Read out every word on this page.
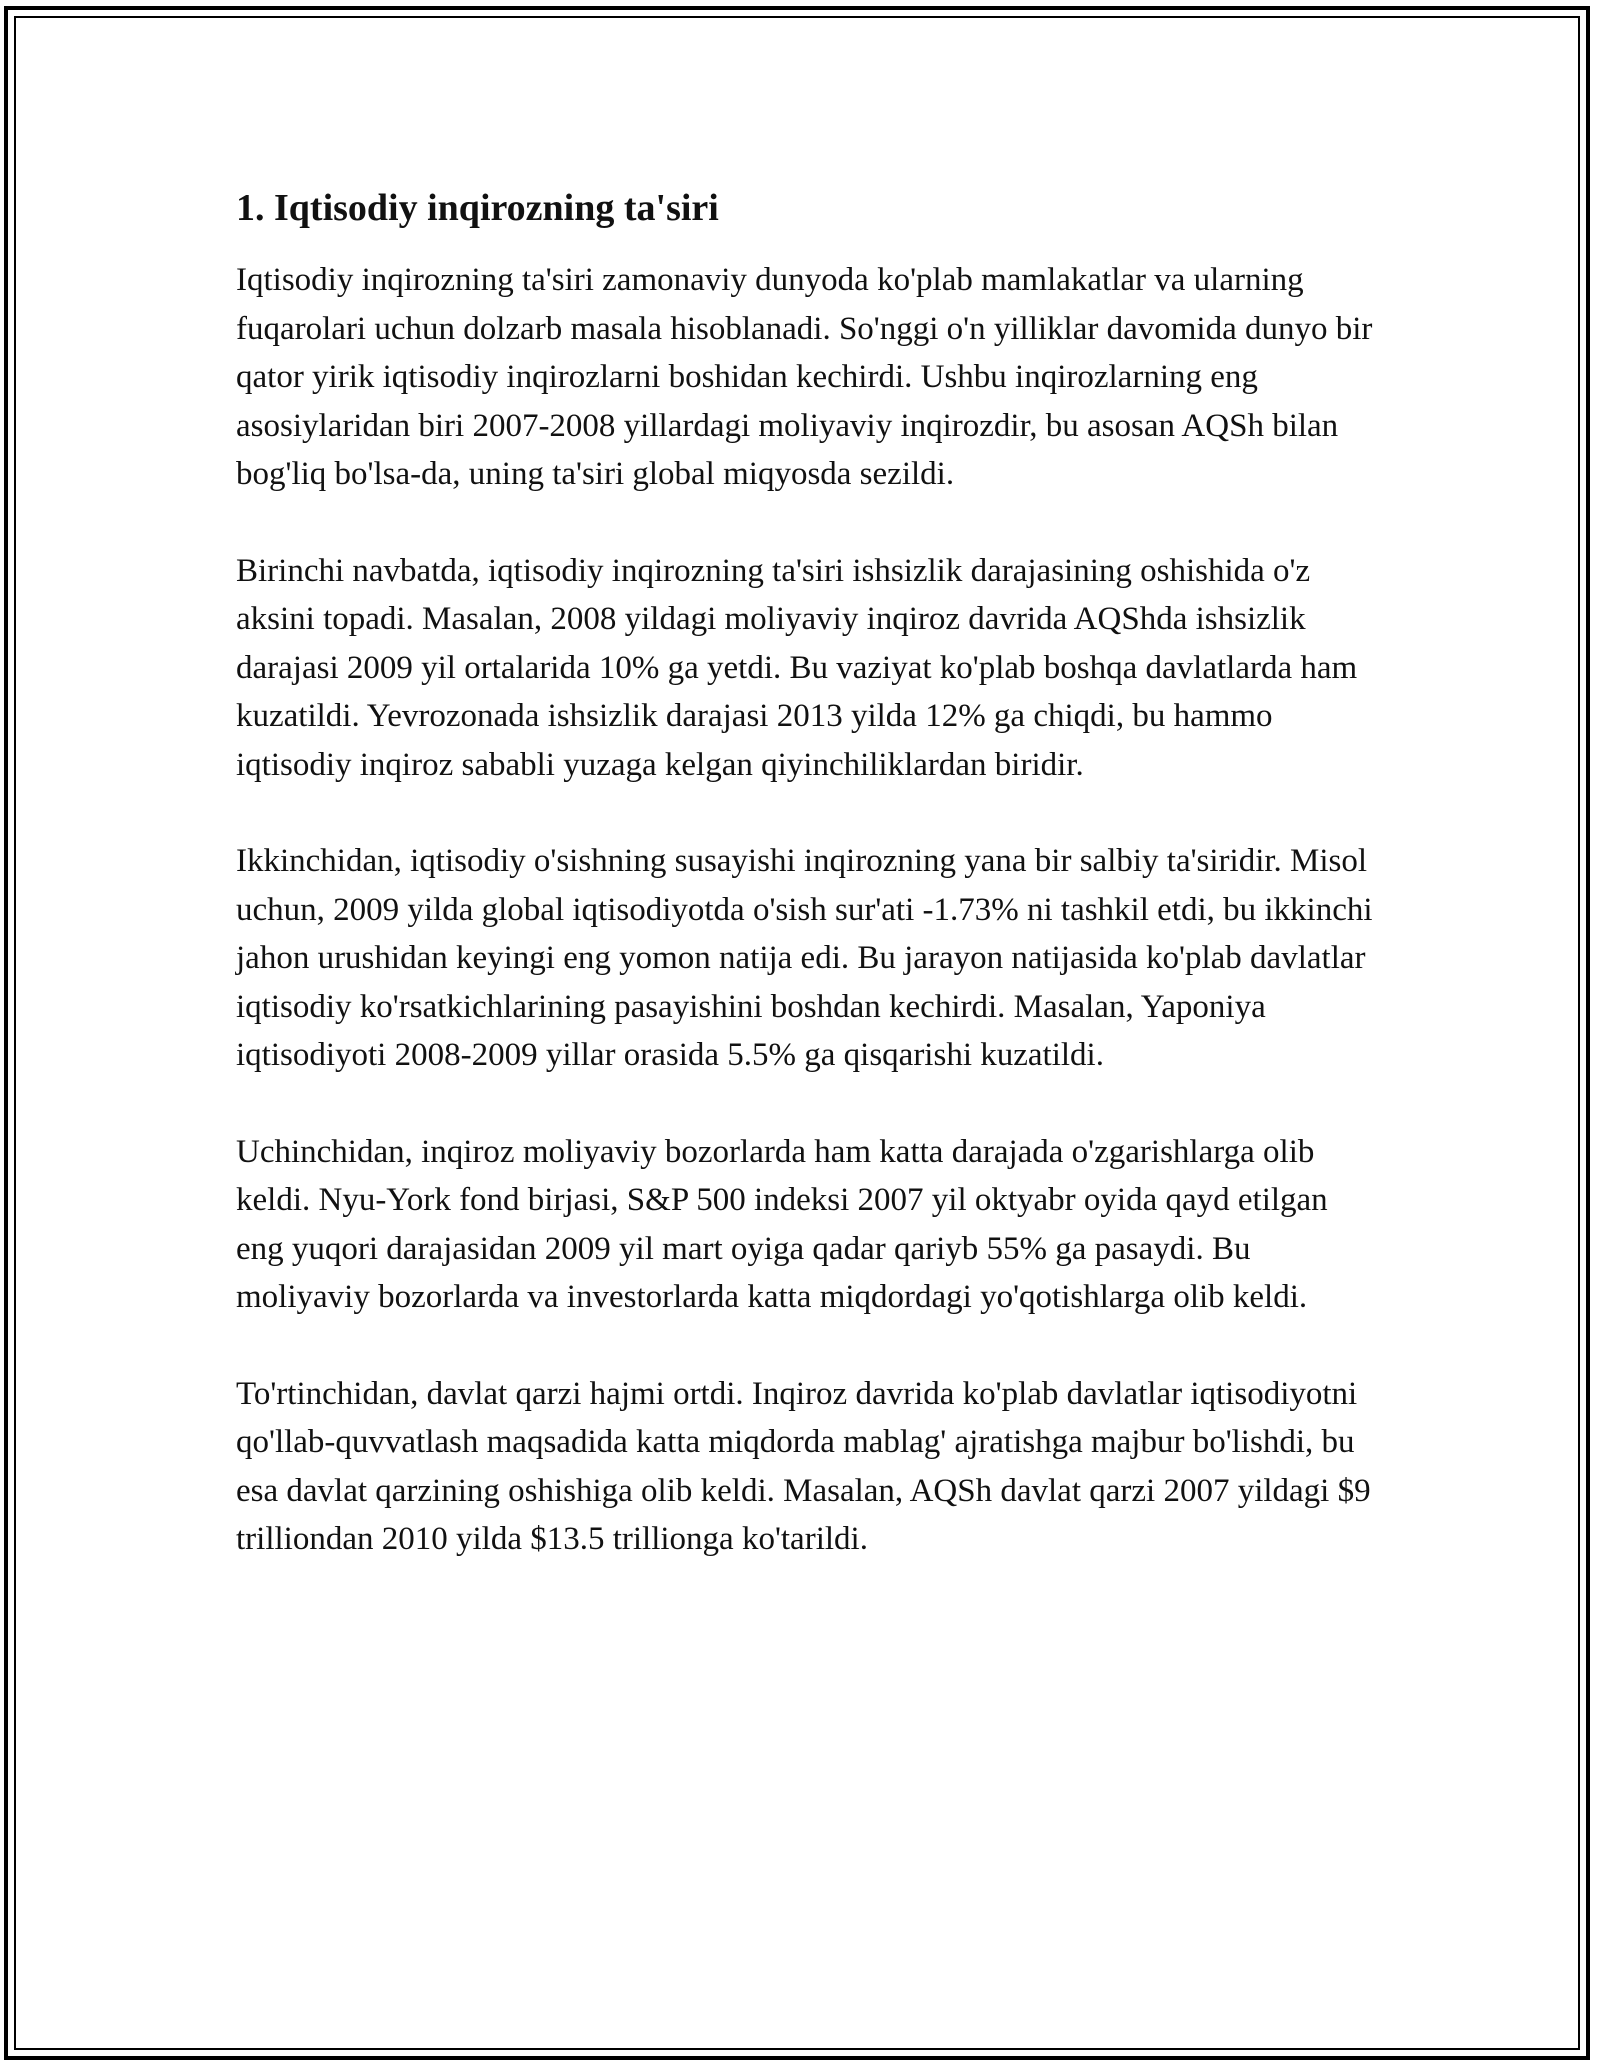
1. Iqtisodiy inqirozning ta'siri

Iqtisodiy inqirozning ta'siri zamonaviy dunyoda ko'plab mamlakatlar va ularning fuqarolari uchun dolzarb masala hisoblanadi. So'nggi o'n yilliklar davomida dunyo bir qator yirik iqtisodiy inqirozlarni boshidan kechirdi. Ushbu inqirozlarning eng asosiylaridan biri 2007-2008 yillardagi moliyaviy inqirozdir, bu asosan AQSh bilan bog'liq bo'lsa-da, uning ta'siri global miqyosda sezildi.

Birinchi navbatda, iqtisodiy inqirozning ta'siri ishsizlik darajasining oshishida o'z aksini topadi. Masalan, 2008 yildagi moliyaviy inqiroz davrida AQShda ishsizlik darajasi 2009 yil ortalarida 10% ga yetdi. Bu vaziyat ko'plab boshqa davlatlarda ham kuzatildi. Yevrozonada ishsizlik darajasi 2013 yilda 12% ga chiqdi, bu hammo iqtisodiy inqiroz sababli yuzaga kelgan qiyinchiliklardan biridir.

Ikkinchidan, iqtisodiy o'sishning susayishi inqirozning yana bir salbiy ta'siridir. Misol uchun, 2009 yilda global iqtisodiyotda o'sish sur'ati -1.73% ni tashkil etdi, bu ikkinchi jahon urushidan keyingi eng yomon natija edi. Bu jarayon natijasida ko'plab davlatlar iqtisodiy ko'rsatkichlarining pasayishini boshdan kechirdi. Masalan, Yaponiya iqtisodiyoti 2008-2009 yillar orasida 5.5% ga qisqarishi kuzatildi.

Uchinchidan, inqiroz moliyaviy bozorlarda ham katta darajada o'zgarishlarga olib keldi. Nyu-York fond birjasi, S&P 500 indeksi 2007 yil oktyabr oyida qayd etilgan eng yuqori darajasidan 2009 yil mart oyiga qadar qariyb 55% ga pasaydi. Bu moliyaviy bozorlarda va investorlarda katta miqdordagi yo'qotishlarga olib keldi.

To'rtinchidan, davlat qarzi hajmi ortdi. Inqiroz davrida ko'plab davlatlar iqtisodiyotni qo'llab-quvvatlash maqsadida katta miqdorda mablag' ajratishga majbur bo'lishdi, bu esa davlat qarzining oshishiga olib keldi. Masalan, AQSh davlat qarzi 2007 yildagi $9 trilliondan 2010 yilda $13.5 trillionga ko'tarildi.
